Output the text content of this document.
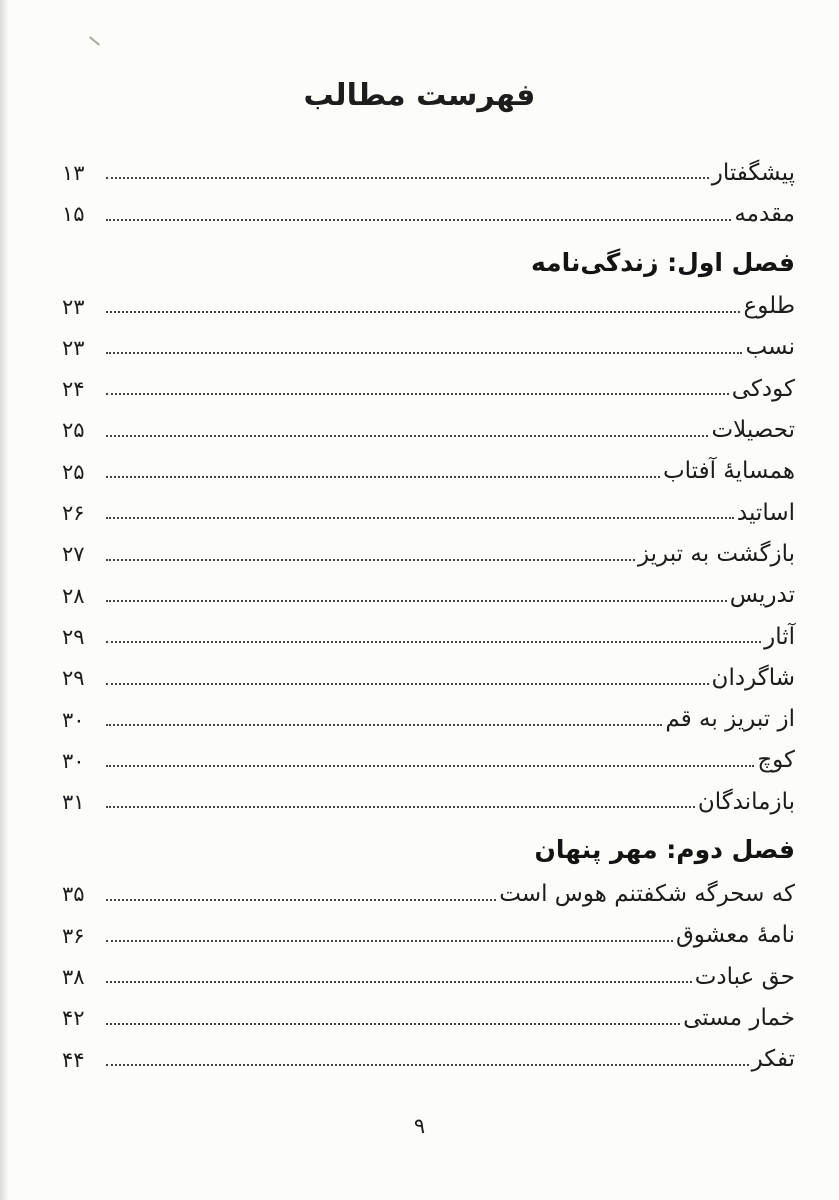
فهرست مطالب
پیشگفتار
۱۳
مقدمه
۱۵
فصل اول: زندگی‌نامه
طلوع
۲۳
نسب
۲۳
کودکی
۲۴
تحصیلات
۲۵
همسایهٔ آفتاب
۲۵
اساتید
۲۶
بازگشت به تبریز
۲۷
تدریس
۲۸
آثار
۲۹
شاگردان
۲۹
از تبریز به قم
۳۰
کوچ
۳۰
بازماندگان
۳۱
فصل دوم: مهر پنهان
که سحرگه شکفتنم هوس است
۳۵
نامهٔ معشوق
۳۶
حق عبادت
۳۸
خمار مستی
۴۲
تفکر
۴۴
۹
